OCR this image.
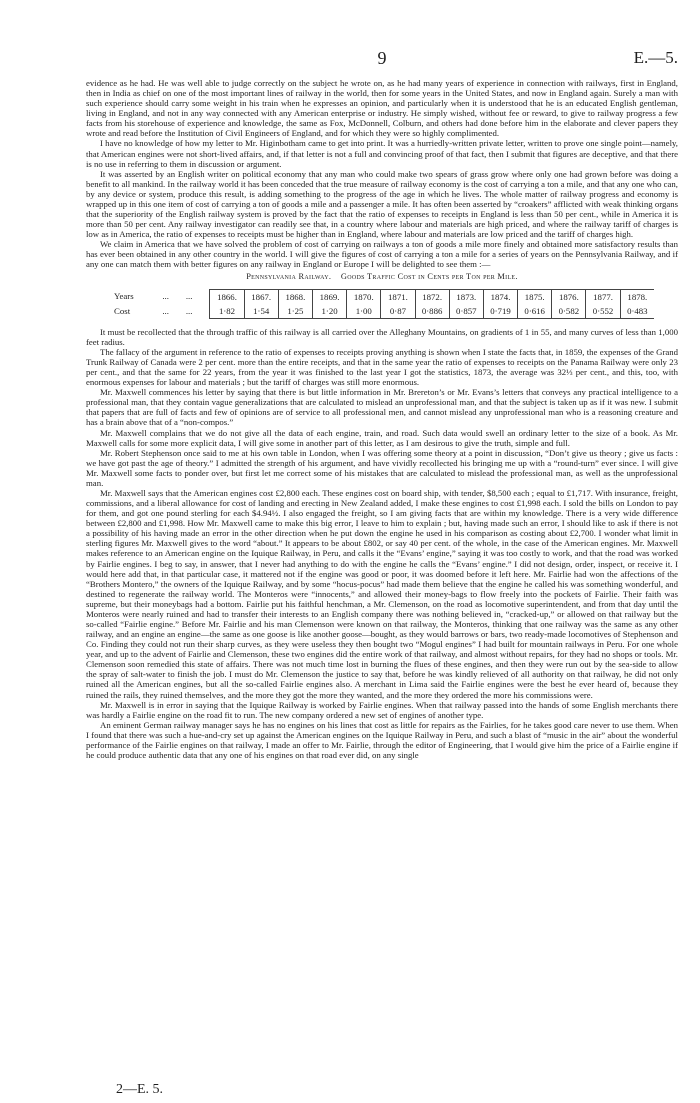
9	E.—5.

evidence as he had. He was well able to judge correctly on the subject he wrote on, as he had many years of experience in connection with railways, first in England, then in India as chief on one of the most important lines of railway in the world, then for some years in the United States, and now in England again. Surely a man with such experience should carry some weight in his train when he expresses an opinion, and particularly when it is understood that he is an educated English gentleman, living in England, and not in any way connected with any American enterprise or industry. He simply wished, without fee or reward, to give to railway progress a few facts from his storehouse of experience and knowledge, the same as Fox, McDonnell, Colburn, and others had done before him in the elaborate and clever papers they wrote and read before the Institution of Civil Engineers of England, and for which they were so highly complimented.

I have no knowledge of how my letter to Mr. Higinbotham came to get into print. It was a hurriedly-written private letter, written to prove one single point—namely, that American engines were not short-lived affairs, and, if that letter is not a full and convincing proof of that fact, then I submit that figures are deceptive, and that there is no use in referring to them in discussion or argument.

It was asserted by an English writer on political economy that any man who could make two spears of grass grow where only one had grown before was doing a benefit to all mankind. In the railway world it has been conceded that the true measure of railway economy is the cost of carrying a ton a mile, and that any one who can, by any device or system, produce this result, is adding something to the progress of the age in which he lives. The whole matter of railway progress and economy is wrapped up in this one item of cost of carrying a ton of goods a mile and a passenger a mile. It has often been asserted by “croakers” afflicted with weak thinking organs that the superiority of the English railway system is proved by the fact that the ratio of expenses to receipts in England is less than 50 per cent., while in America it is more than 50 per cent. Any railway investigator can readily see that, in a country where labour and materials are high priced, and where the railway tariff of charges is low as in America, the ratio of expenses to receipts must be higher than in England, where labour and materials are low priced and the tariff of charges high.

We claim in America that we have solved the problem of cost of carrying on railways a ton of goods a mile more finely and obtained more satisfactory results than has ever been obtained in any other country in the world. I will give the figures of cost of carrying a ton a mile for a series of years on the Pennsylvania Railway, and if any one can match them with better figures on any railway in England or Europe I will be delighted to see them :—

Pennsylvania Railway. Goods Traffic Cost in Cents per Ton per Mile.
Years	...	...	1866.	1867.	1868.	1869.	1870.	1871.	1872.	1873.	1874.	1875.	1876.	1877.	1878.
Cost	...	...	1·82	1·54	1·25	1·20	1·00	0·87	0·886	0·857	0·719	0·616	0·582	0·552	0·483

It must be recollected that the through traffic of this railway is all carried over the Alleghany Mountains, on gradients of 1 in 55, and many curves of less than 1,000 feet radius.

The fallacy of the argument in reference to the ratio of expenses to receipts proving anything is shown when I state the facts that, in 1859, the expenses of the Grand Trunk Railway of Canada were 2 per cent. more than the entire receipts, and that in the same year the ratio of expenses to receipts on the Panama Railway were only 23 per cent., and that the same for 22 years, from the year it was finished to the last year I got the statistics, 1873, the average was 32⅓ per cent., and this, too, with enormous expenses for labour and materials ; but the tariff of charges was still more enormous.

Mr. Maxwell commences his letter by saying that there is but little information in Mr. Brereton’s or Mr. Evans’s letters that conveys any practical intelligence to a professional man, that they contain vague generalizations that are calculated to mislead an unprofessional man, and that the subject is taken up as if it was new. I submit that papers that are full of facts and few of opinions are of service to all professional men, and cannot mislead any unprofessional man who is a reasoning creature and has a brain above that of a “non-compos.”

Mr. Maxwell complains that we do not give all the data of each engine, train, and road. Such data would swell an ordinary letter to the size of a book. As Mr. Maxwell calls for some more explicit data, I will give some in another part of this letter, as I am desirous to give the truth, simple and full.

Mr. Robert Stephenson once said to me at his own table in London, when I was offering some theory at a point in discussion, “Don’t give us theory ; give us facts : we have got past the age of theory.” I admitted the strength of his argument, and have vividly recollected his bringing me up with a “round-turn” ever since. I will give Mr. Maxwell some facts to ponder over, but first let me correct some of his mistakes that are calculated to mislead the professional man, as well as the unprofessional man.

Mr. Maxwell says that the American engines cost £2,800 each. These engines cost on board ship, with tender, $8,500 each ; equal to £1,717. With insurance, freight, commissions, and a liberal allowance for cost of landing and erecting in New Zealand added, I make these engines to cost £1,998 each. I sold the bills on London to pay for them, and got one pound sterling for each $4.94½. I also engaged the freight, so I am giving facts that are within my knowledge. There is a very wide difference between £2,800 and £1,998. How Mr. Maxwell came to make this big error, I leave to him to explain ; but, having made such an error, I should like to ask if there is not a possibility of his having made an error in the other direction when he put down the engine he used in his comparison as costing about £2,700. I wonder what limit in sterling figures Mr. Maxwell gives to the word “about.” It appears to be about £802, or say 40 per cent. of the whole, in the case of the American engines. Mr. Maxwell makes reference to an American engine on the Iquique Railway, in Peru, and calls it the “Evans’ engine,” saying it was too costly to work, and that the road was worked by Fairlie engines. I beg to say, in answer, that I never had anything to do with the engine he calls the “Evans’ engine.” I did not design, order, inspect, or receive it. I would here add that, in that particular case, it mattered not if the engine was good or poor, it was doomed before it left here. Mr. Fairlie had won the affections of the “Brothers Montero,” the owners of the Iquique Railway, and by some “hocus-pocus” had made them believe that the engine he called his was something wonderful, and destined to regenerate the railway world. The Monteros were “innocents,” and allowed their money-bags to flow freely into the pockets of Fairlie. Their faith was supreme, but their moneybags had a bottom. Fairlie put his faithful henchman, a Mr. Clemenson, on the road as locomotive superintendent, and from that day until the Monteros were nearly ruined and had to transfer their interests to an English company there was nothing believed in, “cracked-up,” or allowed on that railway but the so-called “Fairlie engine.” Before Mr. Fairlie and his man Clemenson were known on that railway, the Monteros, thinking that one railway was the same as any other railway, and an engine an engine—the same as one goose is like another goose—bought, as they would barrows or bars, two ready-made locomotives of Stephenson and Co. Finding they could not run their sharp curves, as they were useless they then bought two “Mogul engines” I had built for mountain railways in Peru. For one whole year, and up to the advent of Fairlie and Clemenson, these two engines did the entire work of that railway, and almost without repairs, for they had no shops or tools. Mr. Clemenson soon remedied this state of affairs. There was not much time lost in burning the flues of these engines, and then they were run out by the sea-side to allow the spray of salt-water to finish the job. I must do Mr. Clemenson the justice to say that, before he was kindly relieved of all authority on that railway, he did not only ruined all the American engines, but all the so-called Fairlie engines also. A merchant in Lima said the Fairlie engines were the best he ever heard of, because they ruined the rails, they ruined themselves, and the more they got the more they wanted, and the more they ordered the more his commissions were.

Mr. Maxwell is in error in saying that the Iquique Railway is worked by Fairlie engines. When that railway passed into the hands of some English merchants there was hardly a Fairlie engine on the road fit to run. The new company ordered a new set of engines of another type.

An eminent German railway manager says he has no engines on his lines that cost as little for repairs as the Fairlies, for he takes good care never to use them. When I found that there was such a hue-and-cry set up against the American engines on the Iquique Railway in Peru, and such a blast of “music in the air” about the wonderful performance of the Fairlie engines on that railway, I made an offer to Mr. Fairlie, through the editor of Engineering, that I would give him the price of a Fairlie engine if he could produce authentic data that any one of his engines on that road ever did, on any single

2—E. 5.
